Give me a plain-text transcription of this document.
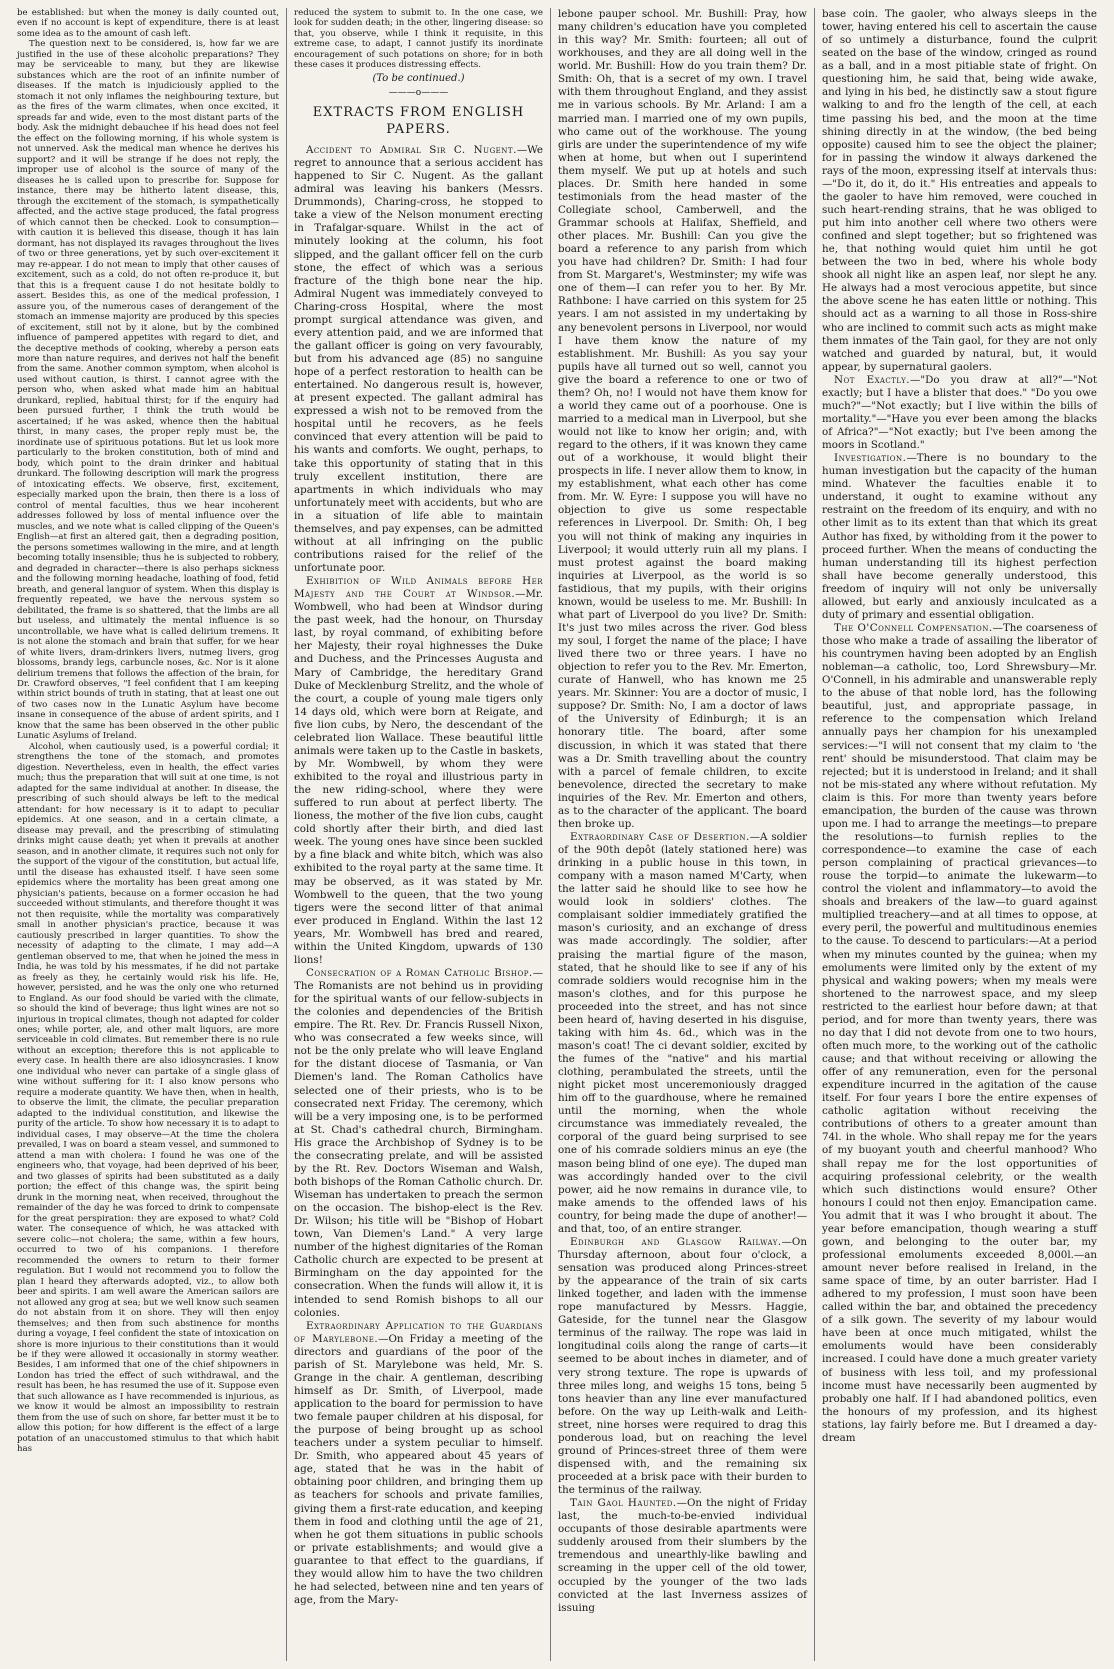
be established: but when the money is daily counted out, even if no account is kept of expenditure, there is at least some idea as to the amount of cash left.

The question next to be considered, is, how far we are justified in the use of these alcoholic preparations? They may be serviceable to many, but they are likewise substances which are the root of an infinite number of diseases. If the match is injudiciously applied to the stomach it not only inflames the neighbouring texture, but as the fires of the warm climates, when once excited, it spreads far and wide, even to the most distant parts of the body. Ask the midnight debauchee if his head does not feel the effect on the following morning, if his whole system is not unnerved. Ask the medical man whence he derives his support? and it will be strange if he does not reply, the improper use of alcohol is the source of many of the diseases he is called upon to prescribe for. Suppose for instance, there may be hitherto latent disease, this, through the excitement of the stomach, is sympathetically affected, and the active stage produced, the fatal progress of which cannot then be checked. Look to consumption—with caution it is believed this disease, though it has lain dormant, has not displayed its ravages throughout the lives of two or three generations, yet by such over-excitement it may re-appear. I do not mean to imply that other causes of excitement, such as a cold, do not often re-produce it, but that this is a frequent cause I do not hesitate boldly to assert. Besides this, as one of the medical profession, I assure you, of the numerous cases of derangement of the stomach an immense majority are produced by this species of excitement, still not by it alone, but by the combined influence of pampered appetites with regard to diet, and the deceptive methods of cooking, whereby a person eats more than nature requires, and derives not half the benefit from the same. Another common symptom, when alcohol is used without caution, is thirst. I cannot agree with the person who, when asked what made him an habitual drunkard, replied, habitual thirst; for if the enquiry had been pursued further, I think the truth would be ascertained; if he was asked, whence then the habitual thirst, in many cases, the proper reply must be, the inordinate use of spirituous potations. But let us look more particularly to the broken constitution, both of mind and body, which point to the drain drinker and habitual drunkard. The following description will mark the progress of intoxicating effects. We observe, first, excitement, especially marked upon the brain, then there is a loss of control of mental faculties, thus we hear incoherent addresses followed by loss of mental influence over the muscles, and we note what is called clipping of the Queen's English—at first an altered gait, then a degrading position, the persons sometimes wallowing in the mire, and at length becoming totally insensible; thus he is subjected to robbery, and degraded in character—there is also perhaps sickness and the following morning headache, loathing of food, fetid breath, and general languor of system. When this display is frequently repeated, we have the nervous system so debilitated, the frame is so shattered, that the limbs are all but useless, and ultimately the mental influence is so uncontrollable, we have what is called delirium tremens. It is not alone the stomach and brain that suffer, for we hear of white livers, dram-drinkers livers, nutmeg livers, grog blossoms, brandy legs, carbuncle noses, &c. Nor is it alone delirium tremens that follows the affection of the brain, for Dr. Crawford observes, "I feel confident that I am keeping within strict bounds of truth in stating, that at least one out of two cases now in the Lunatic Asylum have become insane in consequence of the abuse of ardent spirits, and I know that the same has been observed in the other public Lunatic Asylums of Ireland.

Alcohol, when cautiously used, is a powerful cordial; it strengthens the tone of the stomach, and promotes digestion. Nevertheless, even in health, the effect varies much; thus the preparation that will suit at one time, is not adapted for the same individual at another. In disease, the prescribing of such should always be left to the medical attendant: for how necessary is it to adapt to peculiar epidemics. At one season, and in a certain climate, a disease may prevail, and the prescribing of stimulating drinks might cause death; yet when it prevails at another season, and in another climate, it requires such not only for the support of the vigour of the constitution, but actual life, until the disease has exhausted itself. I have seen some epidemics where the mortality has been great among one physician's patients, because on a former occasion he had succeeded without stimulants, and therefore thought it was not then requisite, while the mortality was comparatively small in another physician's practice, because it was cautiously prescribed in larger quantities. To show the necessity of adapting to the climate, I may add—A gentleman observed to me, that when he joined the mess in India, he was told by his messmates, if he did not partake as freely as they, he certainly would risk his life. He, however, persisted, and he was the only one who returned to England. As our food should be varied with the climate, so should the kind of beverage; thus light wines are not so injurious in tropical climates, though not adapted for colder ones; while porter, ale, and other malt liquors, are more serviceable in cold climates. But remember there is no rule without an exception; therefore this is not applicable to every case. In health there are also idiosyncrasies. I know one individual who never can partake of a single glass of wine without suffering for it: I also know persons who require a moderate quantity. We have then, when in health, to observe the limit, the climate, the peculiar preparation adapted to the individual constitution, and likewise the purity of the article. To show how necessary it is to adapt to individual cases, I may observe—At the time the cholera prevailed, I was on board a steam vessel, and summoned to attend a man with cholera: I found he was one of the engineers who, that voyage, had been deprived of his beer, and two glasses of spirits had been substituted as a daily portion; the effect of this change was, the spirit being drunk in the morning neat, when received, throughout the remainder of the day he was forced to drink to compensate for the great perspiration: they are exposed to what? Cold water. The consequence of which, he was attacked with severe colic—not cholera; the same, within a few hours, occurred to two of his companions. I therefore recommended the owners to return to their former regulation. But I would not recommend you to follow the plan I heard they afterwards adopted, viz., to allow both beer and spirits. I am well aware the American sailors are not allowed any grog at sea; but we well know such seamen do not abstain from it on shore. They will then enjoy themselves; and then from such abstinence for months during a voyage, I feel confident the state of intoxication on shore is more injurious to their constitutions than it would be if they were allowed it occasionally in stormy weather. Besides, I am informed that one of the chief shipowners in London has tried the effect of such withdrawal, and the result has been, he has resumed the use of it. Suppose even that such allowance as I have recommended is injurious, as we know it would be almost an impossibility to restrain them from the use of such on shore, far better must it be to allow this potion; for how different is the effect of a large potation of an unaccustomed stimulus to that which habit has

reduced the system to submit to. In the one case, we look for sudden death; in the other, lingering disease: so that, you observe, while I think it requisite, in this extreme case, to adapt, I cannot justify its inordinate encouragement of such potations on shore; for in both these cases it produces distressing effects.

(To be continued.)

———o———

EXTRACTS FROM ENGLISH PAPERS.

Accident to Admiral Sir C. Nugent.—We regret to announce that a serious accident has happened to Sir C. Nugent. As the gallant admiral was leaving his bankers (Messrs. Drummonds), Charing-cross, he stopped to take a view of the Nelson monument erecting in Trafalgar-square. Whilst in the act of minutely looking at the column, his foot slipped, and the gallant officer fell on the curb stone, the effect of which was a serious fracture of the thigh bone near the hip. Admiral Nugent was immediately conveyed to Charing-cross Hospital, where the most prompt surgical attendance was given, and every attention paid, and we are informed that the gallant officer is going on very favourably, but from his advanced age (85) no sanguine hope of a perfect restoration to health can be entertained. No dangerous result is, however, at present expected. The gallant admiral has expressed a wish not to be removed from the hospital until he recovers, as he feels convinced that every attention will be paid to his wants and comforts. We ought, perhaps, to take this opportunity of stating that in this truly excellent institution, there are apartments in which individuals who may unfortunately meet with accidents, but who are in a situation of life able to maintain themselves, and pay expenses, can be admitted without at all infringing on the public contributions raised for the relief of the unfortunate poor.

Exhibition of Wild Animals before Her Majesty and the Court at Windsor.—Mr. Wombwell, who had been at Windsor during the past week, had the honour, on Thursday last, by royal command, of exhibiting before her Majesty, their royal highnesses the Duke and Duchess, and the Princesses Augusta and Mary of Cambridge, the hereditary Grand Duke of Mecklenburg Strelitz, and the whole of the court, a couple of young male tigers only 14 days old, which were born at Reigate, and five lion cubs, by Nero, the descendant of the celebrated lion Wallace. These beautiful little animals were taken up to the Castle in baskets, by Mr. Wombwell, by whom they were exhibited to the royal and illustrious party in the new riding-school, where they were suffered to run about at perfect liberty. The lioness, the mother of the five lion cubs, caught cold shortly after their birth, and died last week. The young ones have since been suckled by a fine black and white bitch, which was also exhibited to the royal party at the same time. It may be observed, as it was stated by Mr. Wombwell to the queen, that the two young tigers were the second litter of that animal ever produced in England. Within the last 12 years, Mr. Wombwell has bred and reared, within the United Kingdom, upwards of 130 lions!

Consecration of a Roman Catholic Bishop.—The Romanists are not behind us in providing for the spiritual wants of our fellow-subjects in the colonies and dependencies of the British empire. The Rt. Rev. Dr. Francis Russell Nixon, who was consecrated a few weeks since, will not be the only prelate who will leave England for the distant diocese of Tasmania, or Van Diemen's land. The Roman Catholics have selected one of their priests, who is to be consecrated next Friday. The ceremony, which will be a very imposing one, is to be performed at St. Chad's cathedral church, Birmingham. His grace the Archbishop of Sydney is to be the consecrating prelate, and will be assisted by the Rt. Rev. Doctors Wiseman and Walsh, both bishops of the Roman Catholic church. Dr. Wiseman has undertaken to preach the sermon on the occasion. The bishop-elect is the Rev. Dr. Wilson; his title will be "Bishop of Hobart town, Van Diemen's Land." A very large number of the highest dignitaries of the Roman Catholic church are expected to be present at Birmingham on the day appointed for the consecration. When the funds will allow it, it is intended to send Romish bishops to all our colonies.

Extraordinary Application to the Guardians of Marylebone.—On Friday a meeting of the directors and guardians of the poor of the parish of St. Marylebone was held, Mr. S. Grange in the chair. A gentleman, describing himself as Dr. Smith, of Liverpool, made application to the board for permission to have two female pauper children at his disposal, for the purpose of being brought up as school teachers under a system peculiar to himself. Dr. Smith, who appeared about 45 years of age, stated that he was in the habit of obtaining poor children, and bringing them up as teachers for schools and private families, giving them a first-rate education, and keeping them in food and clothing until the age of 21, when he got them situations in public schools or private establishments; and would give a guarantee to that effect to the guardians, if they would allow him to have the two children he had selected, between nine and ten years of age, from the Mary-

lebone pauper school. Mr. Bushill: Pray, how many children's education have you completed in this way? Mr. Smith: fourteen; all out of workhouses, and they are all doing well in the world. Mr. Bushill: How do you train them? Dr. Smith: Oh, that is a secret of my own. I travel with them throughout England, and they assist me in various schools. By Mr. Arland: I am a married man. I married one of my own pupils, who came out of the workhouse. The young girls are under the superintendence of my wife when at home, but when out I superintend them myself. We put up at hotels and such places. Dr. Smith here handed in some testimonials from the head master of the Collegiate school, Camberwell, and the Grammar schools at Halifax, Sheffield, and other places. Mr. Bushill: Can you give the board a reference to any parish from which you have had children? Dr. Smith: I had four from St. Margaret's, Westminster; my wife was one of them—I can refer you to her. By Mr. Rathbone: I have carried on this system for 25 years. I am not assisted in my undertaking by any benevolent persons in Liverpool, nor would I have them know the nature of my establishment. Mr. Bushill: As you say your pupils have all turned out so well, cannot you give the board a reference to one or two of them? Oh, no! I would not have them know for a world they came out of a poorhouse. One is married to a medical man in Liverpool, but she would not like to know her origin; and, with regard to the others, if it was known they came out of a workhouse, it would blight their prospects in life. I never allow them to know, in my establishment, what each other has come from. Mr. W. Eyre: I suppose you will have no objection to give us some respectable references in Liverpool. Dr. Smith: Oh, I beg you will not think of making any inquiries in Liverpool; it would utterly ruin all my plans. I must protest against the board making inquiries at Liverpool, as the world is so fastidious, that my pupils, with their origins known, would be useless to me. Mr. Bushill: In what part of Liverpool do you live? Dr. Smith: It's just two miles across the river. God bless my soul, I forget the name of the place; I have lived there two or three years. I have no objection to refer you to the Rev. Mr. Emerton, curate of Hanwell, who has known me 25 years. Mr. Skinner: You are a doctor of music, I suppose? Dr. Smith: No, I am a doctor of laws of the University of Edinburgh; it is an honorary title. The board, after some discussion, in which it was stated that there was a Dr. Smith travelling about the country with a parcel of female children, to excite benevolence, directed the secretary to make inquiries of the Rev. Mr. Emerton and others, as to the character of the applicant. The board then broke up.

Extraordinary Case of Desertion.—A soldier of the 90th depôt (lately stationed here) was drinking in a public house in this town, in company with a mason named M'Carty, when the latter said he should like to see how he would look in soldiers' clothes. The complaisant soldier immediately gratified the mason's curiosity, and an exchange of dress was made accordingly. The soldier, after praising the martial figure of the mason, stated, that he should like to see if any of his comrade soldiers would recognise him in the mason's clothes, and for this purpose he proceeded into the street, and has not since been heard of, having deserted in his disguise, taking with him 4s. 6d., which was in the mason's coat! The ci devant soldier, excited by the fumes of the "native" and his martial clothing, perambulated the streets, until the night picket most unceremoniously dragged him off to the guardhouse, where he remained until the morning, when the whole circumstance was immediately revealed, the corporal of the guard being surprised to see one of his comrade soldiers minus an eye (the mason being blind of one eye). The duped man was accordingly handed over to the civil power, aid he now remains in durance vile, to make amends to the offended laws of his country, for being made the dupe of another!—and that, too, of an entire stranger.

Edinburgh and Glasgow Railway.—On Thursday afternoon, about four o'clock, a sensation was produced along Princes-street by the appearance of the train of six carts linked together, and laden with the immense rope manufactured by Messrs. Haggie, Gateside, for the tunnel near the Glasgow terminus of the railway. The rope was laid in longitudinal coils along the range of carts—it seemed to be about inches in diameter, and of very strong texture. The rope is upwards of three miles long, and weighs 15 tons, being 5 tons heavier than any line ever manufactured before. On the way up Leith-walk and Leith-street, nine horses were required to drag this ponderous load, but on reaching the level ground of Princes-street three of them were dispensed with, and the remaining six proceeded at a brisk pace with their burden to the terminus of the railway.

Tain Gaol Haunted.—On the night of Friday last, the much-to-be-envied individual occupants of those desirable apartments were suddenly aroused from their slumbers by the tremendous and unearthly-like bawling and screaming in the upper cell of the old tower, occupied by the younger of the two lads convicted at the last Inverness assizes of issuing

base coin. The gaoler, who always sleeps in the tower, having entered his cell to ascertain the cause of so untimely a disturbance, found the culprit seated on the base of the window, cringed as round as a ball, and in a most pitiable state of fright. On questioning him, he said that, being wide awake, and lying in his bed, he distinctly saw a stout figure walking to and fro the length of the cell, at each time passing his bed, and the moon at the time shining directly in at the window, (the bed being opposite) caused him to see the object the plainer; for in passing the window it always darkened the rays of the moon, expressing itself at intervals thus:—"Do it, do it, do it." His entreaties and appeals to the gaoler to have him removed, were couched in such heart-rending strains, that he was obliged to put him into another cell where two others were confined and slept together; but so frightened was he, that nothing would quiet him until he got between the two in bed, where his whole body shook all night like an aspen leaf, nor slept he any. He always had a most verocious appetite, but since the above scene he has eaten little or nothing. This should act as a warning to all those in Ross-shire who are inclined to commit such acts as might make them inmates of the Tain gaol, for they are not only watched and guarded by natural, but, it would appear, by supernatural gaolers.

Not Exactly.—"Do you draw at all?"—"Not exactly; but I have a blister that does." "Do you owe much?"—"Not exactly; but I live within the bills of mortality."—"Have you ever been among the blacks of Africa?"—"Not exactly; but I've been among the moors in Scotland."

Investigation.—There is no boundary to the human investigation but the capacity of the human mind. Whatever the faculties enable it to understand, it ought to examine without any restraint on the freedom of its enquiry, and with no other limit as to its extent than that which its great Author has fixed, by witholding from it the power to proceed further. When the means of conducting the human understanding till its highest perfection shall have become generally understood, this freedom of inquiry will not only be universally allowed, but early and anxiously inculcated as a duty of primary and essential obligation.

The O'Connell Compensation.—The coarseness of those who make a trade of assailing the liberator of his countrymen having been adopted by an English nobleman—a catholic, too, Lord Shrewsbury—Mr. O'Connell, in his admirable and unanswerable reply to the abuse of that noble lord, has the following beautiful, just, and appropriate passage, in reference to the compensation which Ireland annually pays her champion for his unexampled services:—"I will not consent that my claim to 'the rent' should be misunderstood. That claim may be rejected; but it is understood in Ireland; and it shall not be mis-stated any where without refutation. My claim is this. For more than twenty years before emancipation, the burden of the cause was thrown upon me. I had to arrange the meetings—to prepare the resolutions—to furnish replies to the correspondence—to examine the case of each person complaining of practical grievances—to rouse the torpid—to animate the lukewarm—to control the violent and inflammatory—to avoid the shoals and breakers of the law—to guard against multiplied treachery—and at all times to oppose, at every peril, the powerful and multitudinous enemies to the cause. To descend to particulars:—At a period when my minutes counted by the guinea; when my emoluments were limited only by the extent of my physical and waking powers; when my meals were shortened to the narrowest space, and my sleep restricted to the earliest hour before dawn; at that period, and for more than twenty years, there was no day that I did not devote from one to two hours, often much more, to the working out of the catholic cause; and that without receiving or allowing the offer of any remuneration, even for the personal expenditure incurred in the agitation of the cause itself. For four years I bore the entire expenses of catholic agitation without receiving the contributions of others to a greater amount than 74l. in the whole. Who shall repay me for the years of my buoyant youth and cheerful manhood? Who shall repay me for the lost opportunities of acquiring professional celebrity, or the wealth which such distinctions would ensure? Other honours I could not then enjoy. Emancipation came. You admit that it was I who brought it about. The year before emancipation, though wearing a stuff gown, and belonging to the outer bar, my professional emoluments exceeded 8,000l.—an amount never before realised in Ireland, in the same space of time, by an outer barrister. Had I adhered to my profession, I must soon have been called within the bar, and obtained the precedency of a silk gown. The severity of my labour would have been at once much mitigated, whilst the emoluments would have been considerably increased. I could have done a much greater variety of business with less toil, and my professional income must have necessarily been augmented by probably one half. If I had abandoned politics, even the honours of my profession, and its highest stations, lay fairly before me. But I dreamed a day-dream
